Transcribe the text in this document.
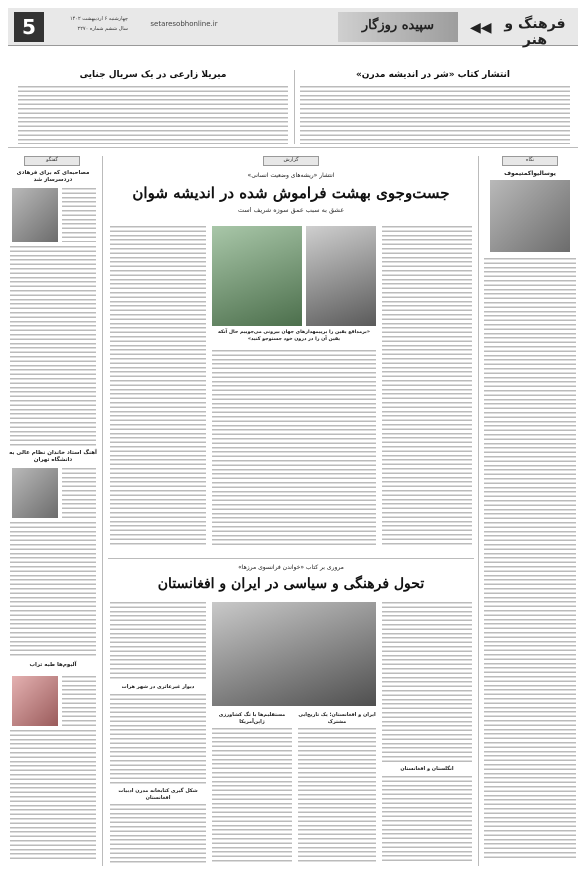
5	چهارشنبه ۶ اردیبهشت ۱۴۰۲
سال ششم شماره ۲۲۷۰
setaresobhonline.ir	سپیده روزگار	◀◀ فرهنگ و هنر
انتشار کتاب «شر در اندیشه مدرن»
میریلا زارعی در یک سریال جنایی
نگاه
یوسالیواکمتیموف
گفتگو
مصاحبه‌ای که برای فرهادی دردسرساز شد
آهنگ استاد خاندان نظام عالی به دانشگاه تهران
آلبوم‌ها طبه تراب
گزارش
انتشار «ریشه‌های وضعیت انسانی»
جست‌وجوی بهشت فراموش شده در اندیشه شوان
عشق به سبب عمق سوزه شریف است
«برمداقع یقین را برپیمهدارهای جهان بیرونی می‌جوییم حال آنکه یقین آن را در درون خود جستوجو کنید»
مروری بر کتاب «خواندن فرانسوی مرزها»
تحول فرهنگی و سیاسی در ایران و افغانستان
انگلستان و افغانستان
ایران و افغانستان؛ یک تاریخ‌ایی مشترک
مستقلیم‌ها با تگ کشاورزی ژاپن‌آمریکا
دیوار غیرعاثری در شهر هرات
شکل گیری کتابخانه مدرن ادبیات افغانستان
